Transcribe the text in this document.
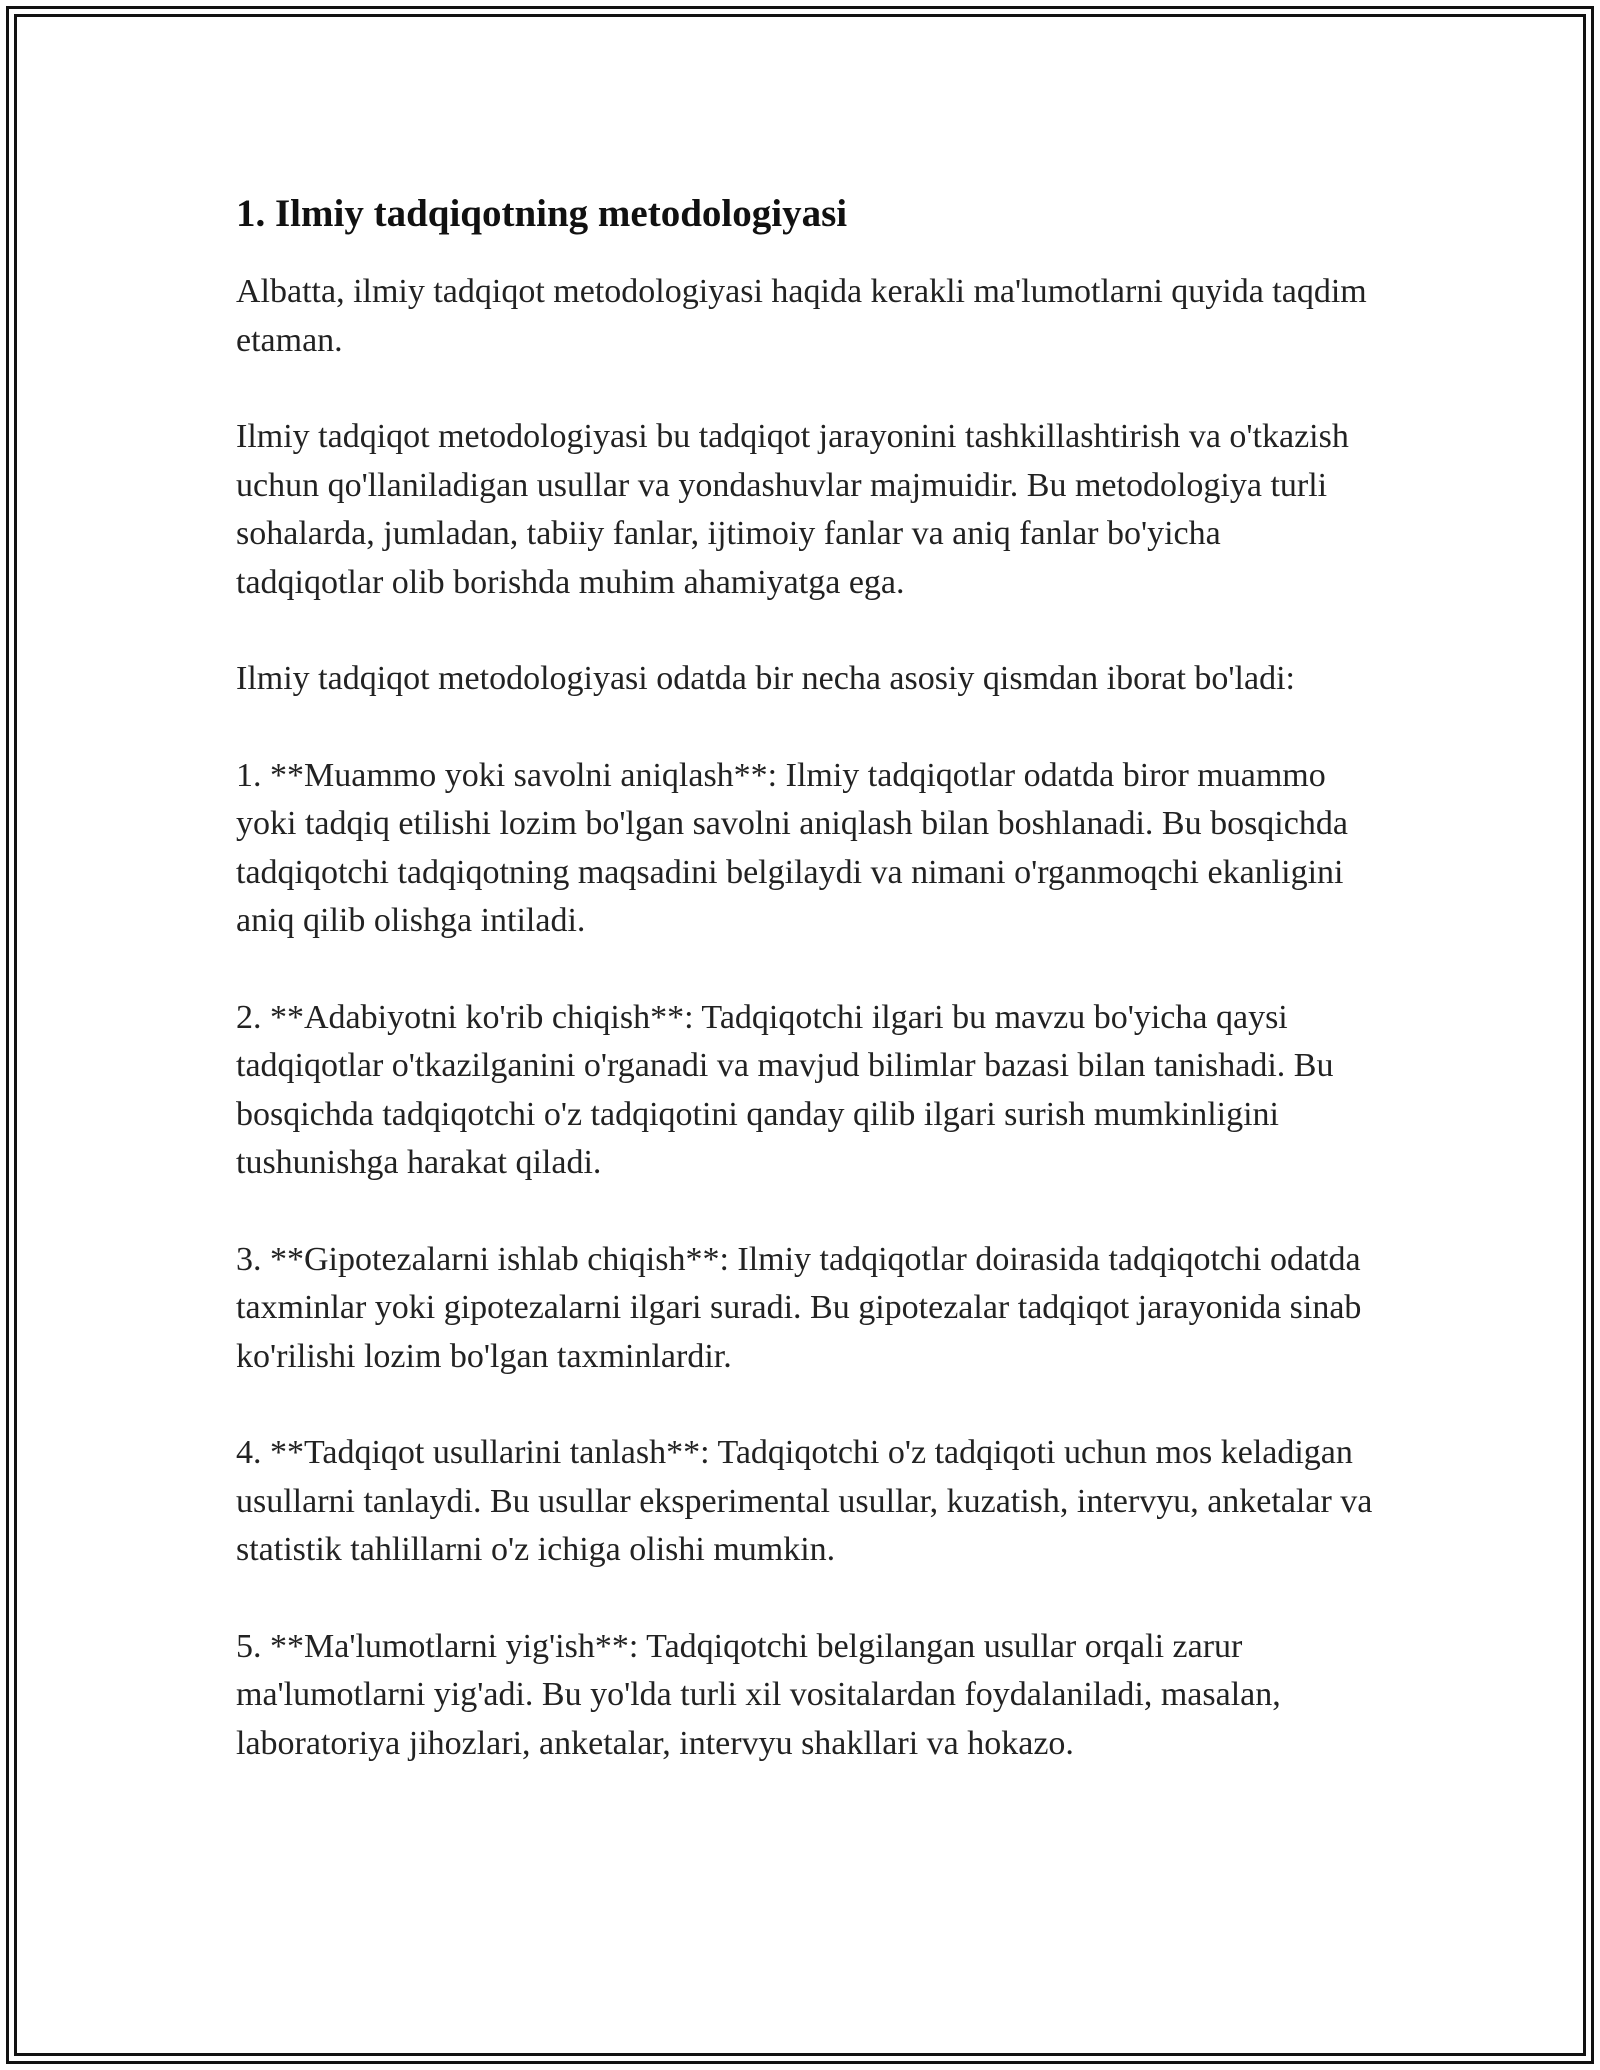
1. Ilmiy tadqiqotning metodologiyasi

Albatta, ilmiy tadqiqot metodologiyasi haqida kerakli ma'lumotlarni quyida taqdim etaman.

Ilmiy tadqiqot metodologiyasi bu tadqiqot jarayonini tashkillashtirish va o'tkazish uchun qo'llaniladigan usullar va yondashuvlar majmuidir. Bu metodologiya turli sohalarda, jumladan, tabiiy fanlar, ijtimoiy fanlar va aniq fanlar bo'yicha tadqiqotlar olib borishda muhim ahamiyatga ega.

Ilmiy tadqiqot metodologiyasi odatda bir necha asosiy qismdan iborat bo'ladi:

1. **Muammo yoki savolni aniqlash**: Ilmiy tadqiqotlar odatda biror muammo yoki tadqiq etilishi lozim bo'lgan savolni aniqlash bilan boshlanadi. Bu bosqichda tadqiqotchi tadqiqotning maqsadini belgilaydi va nimani o'rganmoqchi ekanligini aniq qilib olishga intiladi.

2. **Adabiyotni ko'rib chiqish**: Tadqiqotchi ilgari bu mavzu bo'yicha qaysi tadqiqotlar o'tkazilganini o'rganadi va mavjud bilimlar bazasi bilan tanishadi. Bu bosqichda tadqiqotchi o'z tadqiqotini qanday qilib ilgari surish mumkinligini tushunishga harakat qiladi.

3. **Gipotezalarni ishlab chiqish**: Ilmiy tadqiqotlar doirasida tadqiqotchi odatda taxminlar yoki gipotezalarni ilgari suradi. Bu gipotezalar tadqiqot jarayonida sinab ko'rilishi lozim bo'lgan taxminlardir.

4. **Tadqiqot usullarini tanlash**: Tadqiqotchi o'z tadqiqoti uchun mos keladigan usullarni tanlaydi. Bu usullar eksperimental usullar, kuzatish, intervyu, anketalar va statistik tahlillarni o'z ichiga olishi mumkin.

5. **Ma'lumotlarni yig'ish**: Tadqiqotchi belgilangan usullar orqali zarur ma'lumotlarni yig'adi. Bu yo'lda turli xil vositalardan foydalaniladi, masalan, laboratoriya jihozlari, anketalar, intervyu shakllari va hokazo.
